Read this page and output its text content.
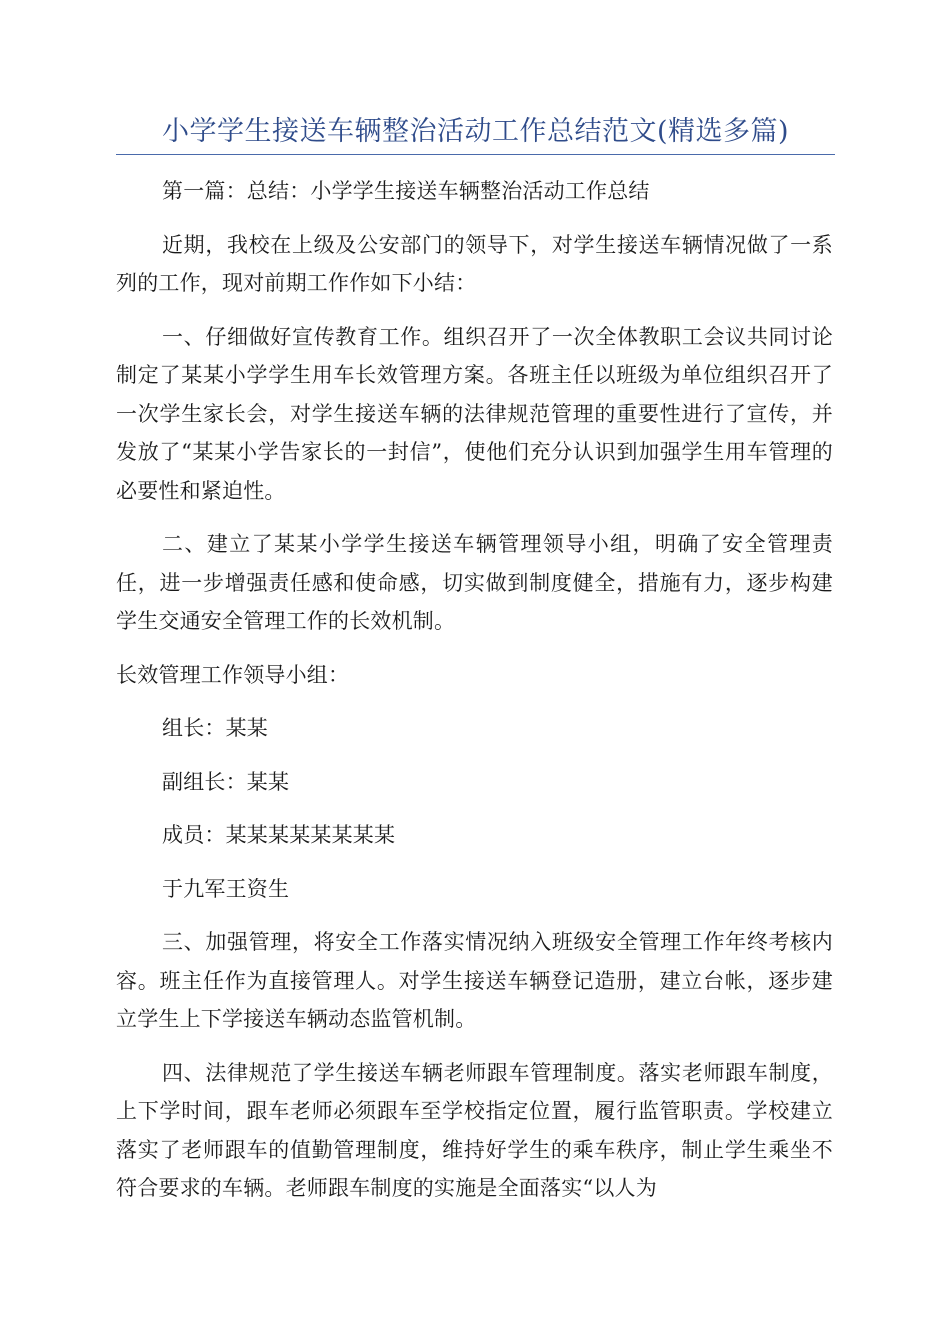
小学学生接送车辆整治活动工作总结范文(精选多篇)

第一篇：总结：小学学生接送车辆整治活动工作总结

近期，我校在上级及公安部门的领导下，对学生接送车辆情况做了一系列的工作，现对前期工作作如下小结：

一、仔细做好宣传教育工作。组织召开了一次全体教职工会议共同讨论制定了某某小学学生用车长效管理方案。各班主任以班级为单位组织召开了一次学生家长会，对学生接送车辆的法律规范管理的重要性进行了宣传，并发放了“某某小学告家长的一封信”，使他们充分认识到加强学生用车管理的必要性和紧迫性。

二、建立了某某小学学生接送车辆管理领导小组，明确了安全管理责任，进一步增强责任感和使命感，切实做到制度健全，措施有力，逐步构建学生交通安全管理工作的长效机制。

长效管理工作领导小组：

组长：某某

副组长：某某

成员：某某某某某某某某

于九军王资生

三、加强管理，将安全工作落实情况纳入班级安全管理工作年终考核内容。班主任作为直接管理人。对学生接送车辆登记造册，建立台帐，逐步建立学生上下学接送车辆动态监管机制。

四、法律规范了学生接送车辆老师跟车管理制度。落实老师跟车制度，上下学时间，跟车老师必须跟车至学校指定位置，履行监管职责。学校建立落实了老师跟车的值勤管理制度，维持好学生的乘车秩序，制止学生乘坐不符合要求的车辆。老师跟车制度的实施是全面落实“以人为
